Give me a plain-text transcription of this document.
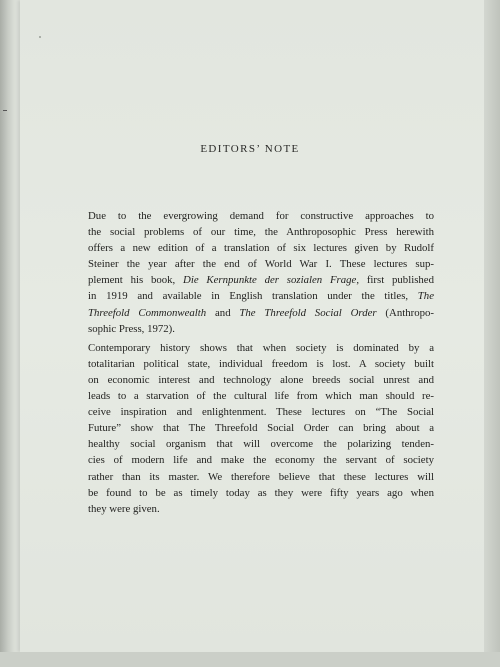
EDITORS’ NOTE

Due to the evergrowing demand for constructive approaches to
the social problems of our time, the Anthroposophic Press herewith
offers a new edition of a translation of six lectures given by Rudolf
Steiner the year after the end of World War I. These lectures sup-
plement his book, Die Kernpunkte der sozialen Frage, first published
in 1919 and available in English translation under the titles, The
Threefold Commonwealth and The Threefold Social Order (Anthropo-
sophic Press, 1972).

Contemporary history shows that when society is dominated by a
totalitarian political state, individual freedom is lost. A society built
on economic interest and technology alone breeds social unrest and
leads to a starvation of the cultural life from which man should re-
ceive inspiration and enlightenment. These lectures on “The Social
Future” show that The Threefold Social Order can bring about a
healthy social organism that will overcome the polarizing tenden-
cies of modern life and make the economy the servant of society
rather than its master. We therefore believe that these lectures will
be found to be as timely today as they were fifty years ago when
they were given.
